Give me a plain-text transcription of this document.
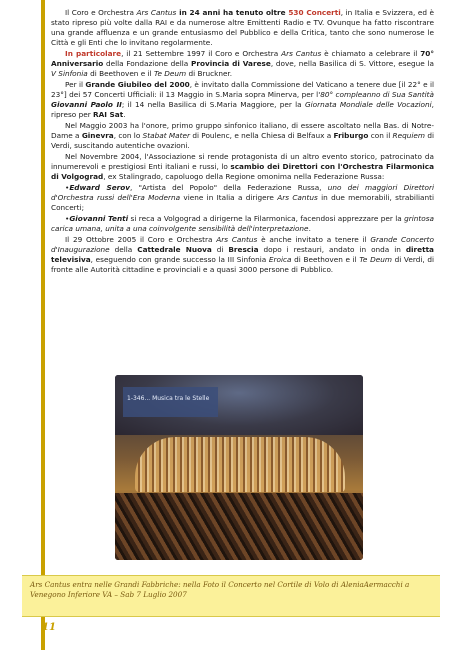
Il Coro e Orchestra Ars Cantus in 24 anni ha tenuto oltre 530 Concerti, in Italia e Svizzera, ed è stato ripreso più volte dalla RAI e da numerose altre Emittenti Radio e TV. Ovunque ha fatto riscontrare una grande affluenza e un grande entusiasmo del Pubblico e della Critica, tanto che sono numerose le Città e gli Enti che lo invitano regolarmente.

In particolare, il 21 Settembre 1997 il Coro e Orchestra Ars Cantus è chiamato a celebrare il 70° Anniversario della Fondazione della Provincia di Varese, dove, nella Basilica di S. Vittore, esegue la V Sinfonia di Beethoven e il Te Deum di Bruckner.

Per il Grande Giubileo del 2000, è invitato dalla Commissione del Vaticano a tenere due [il 22° e il 23°] dei 57 Concerti Ufficiali: il 13 Maggio in S.Maria sopra Minerva, per l'80° compleanno di Sua Santità Giovanni Paolo II; il 14 nella Basilica di S.Maria Maggiore, per la Giornata Mondiale delle Vocazioni, ripreso per RAI Sat.

Nel Maggio 2003 ha l'onore, primo gruppo sinfonico italiano, di essere ascoltato nella Bas. di Notre-Dame a Ginevra, con lo Stabat Mater di Poulenc, e nella Chiesa di Belfaux a Friburgo con il Requiem di Verdi, suscitando autentiche ovazioni.

Nel Novembre 2004, l'Associazione si rende protagonista di un altro evento storico, patrocinato da innumerevoli e prestigiosi Enti italiani e russi, lo scambio dei Direttori con l'Orchestra Filarmonica di Volgograd, ex Stalingrado, capoluogo della Regione omonima nella Federazione Russa:

•Edward Serov, "Artista del Popolo" della Federazione Russa, uno dei maggiori Direttori d'Orchestra russi dell'Era Moderna viene in Italia a dirigere Ars Cantus in due memorabili, strabilianti Concerti;

•Giovanni Tenti si reca a Volgograd a dirigerne la Filarmonica, facendosi apprezzare per la grintosa carica umana, unita a una coinvolgente sensibilità dell'interpretazione.

Il 29 Ottobre 2005 il Coro e Orchestra Ars Cantus è anche invitato a tenere il Grande Concerto d'Inaugurazione della Cattedrale Nuova di Brescia dopo i restauri, andato in onda in diretta televisiva, eseguendo con grande successo la III Sinfonia Eroica di Beethoven e il Te Deum di Verdi, di fronte alle Autorità cittadine e provinciali e a quasi 3000 persone di Pubblico.

1-346... Musica tra le Stelle
Ars Cantus entra nelle Grandi Fabbriche: nella Foto il Concerto nel Cortile di Volo di AleniaAermacchi a Venegono Inferiore VA – Sab 7 Luglio 2007
11
